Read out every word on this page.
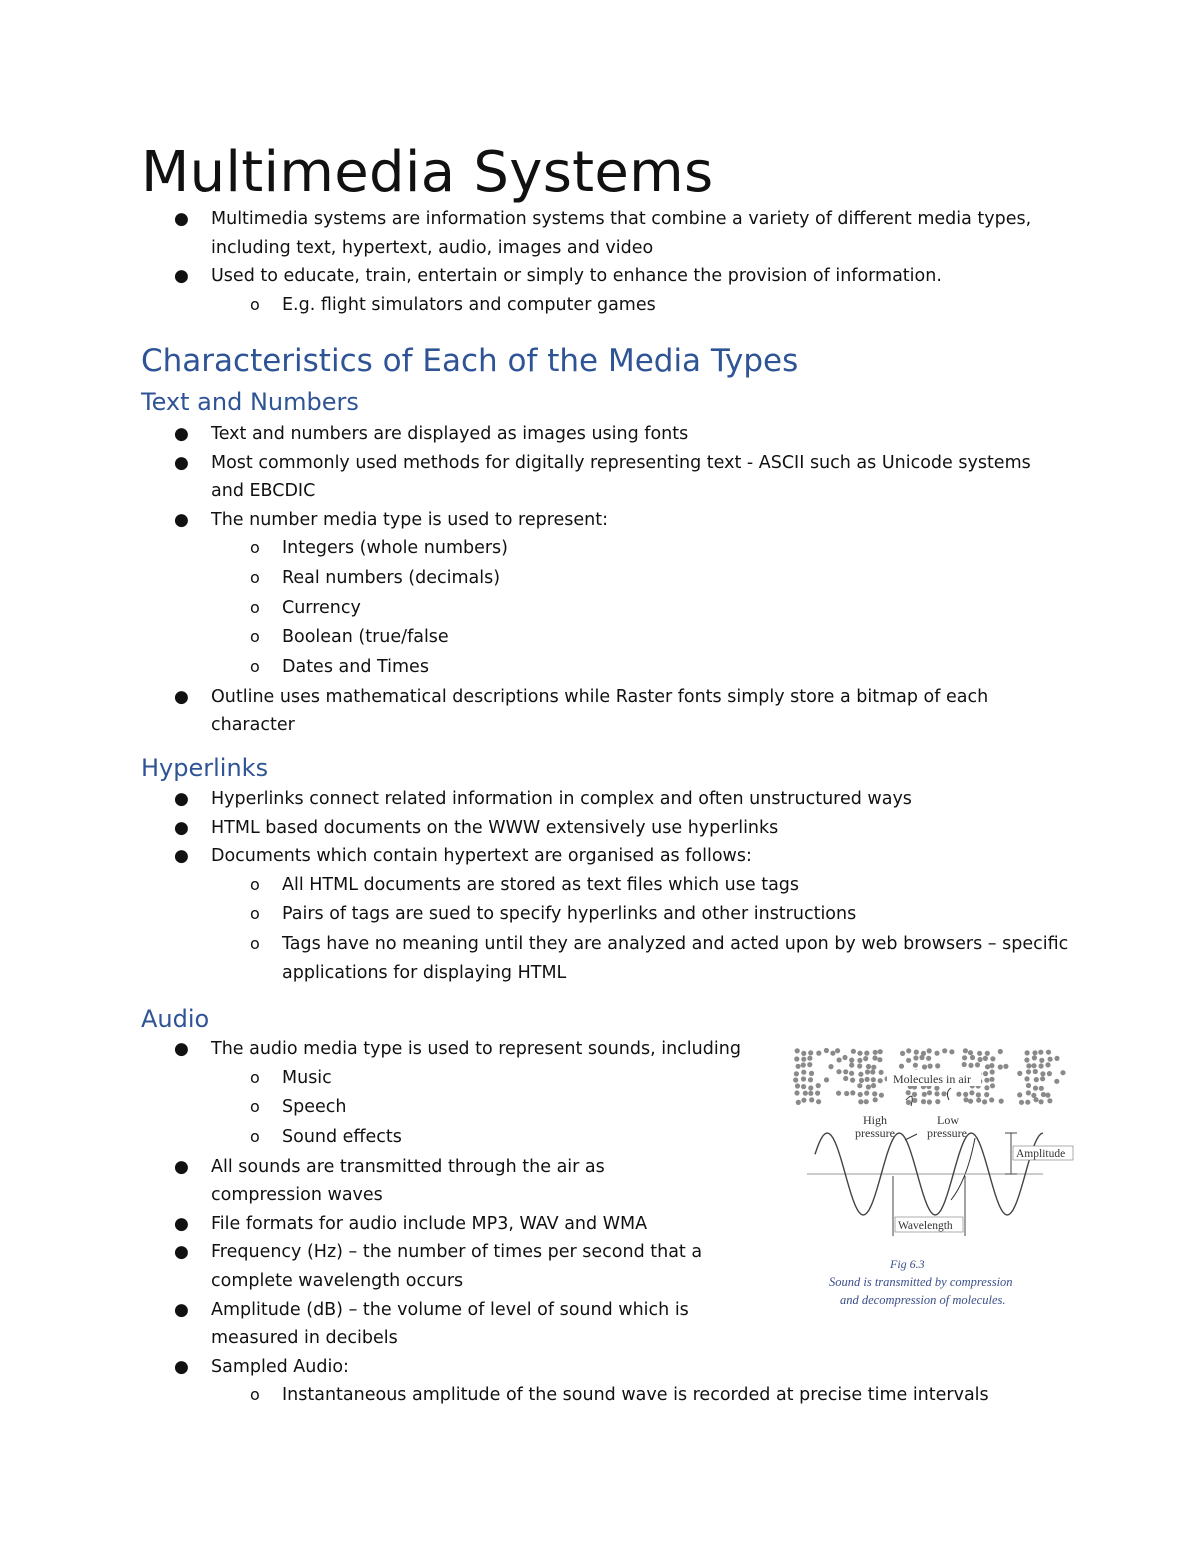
Multimedia Systems
● Multimedia systems are information systems that combine a variety of different media types, including text, hypertext, audio, images and video
● Used to educate, train, entertain or simply to enhance the provision of information.
o E.g. flight simulators and computer games
Characteristics of Each of the Media Types
Text and Numbers
● Text and numbers are displayed as images using fonts
● Most commonly used methods for digitally representing text - ASCII such as Unicode systems and EBCDIC
● The number media type is used to represent:
o Integers (whole numbers)
o Real numbers (decimals)
o Currency
o Boolean (true/false
o Dates and Times
● Outline uses mathematical descriptions while Raster fonts simply store a bitmap of each character
Hyperlinks
● Hyperlinks connect related information in complex and often unstructured ways
● HTML based documents on the WWW extensively use hyperlinks
● Documents which contain hypertext are organised as follows:
o All HTML documents are stored as text files which use tags
o Pairs of tags are sued to specify hyperlinks and other instructions
o Tags have no meaning until they are analyzed and acted upon by web browsers – specific applications for displaying HTML
Audio
● The audio media type is used to represent sounds, including
o Music
o Speech
o Sound effects
● All sounds are transmitted through the air as compression waves
● File formats for audio include MP3, WAV and WMA
● Frequency (Hz) – the number of times per second that a complete wavelength occurs
● Amplitude (dB) – the volume of level of sound which is measured in decibels
● Sampled Audio:
o Instantaneous amplitude of the sound wave is recorded at precise time intervals
Molecules in air
High
pressure
Low
pressure
Amplitude
Wavelength
Fig 6.3
Sound is transmitted by compression
and decompression of molecules.
